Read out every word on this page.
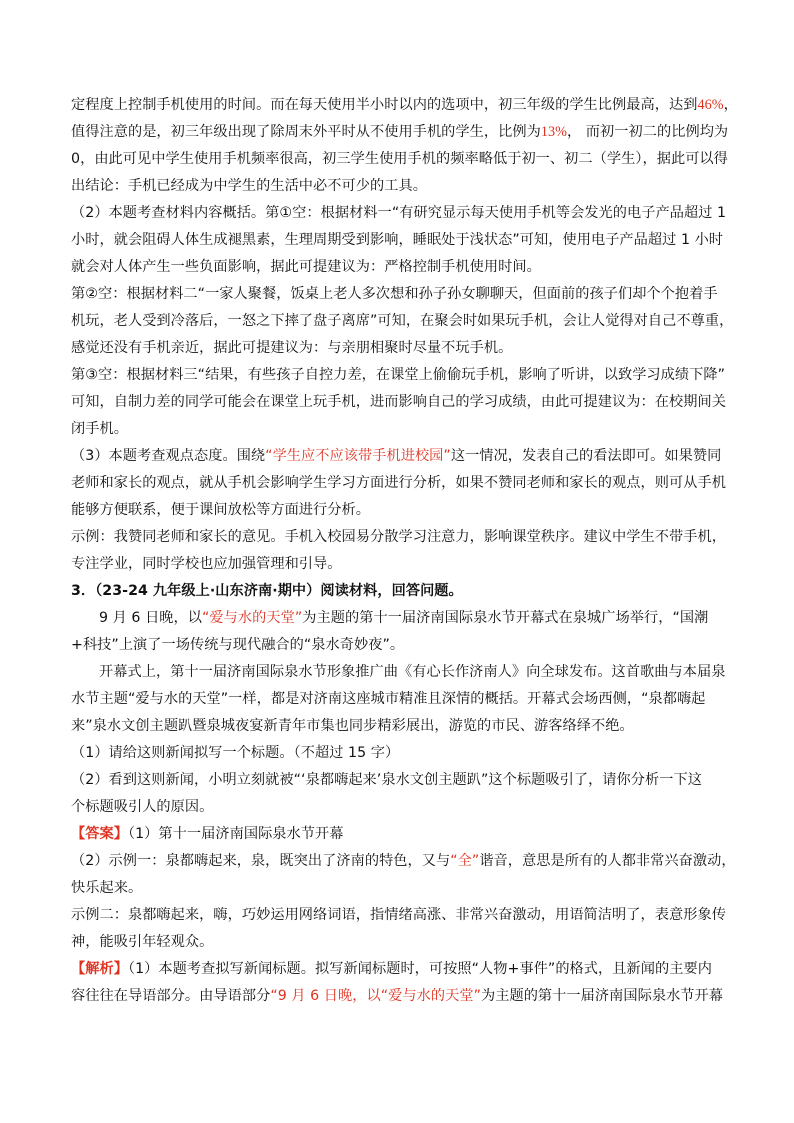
定程度上控制手机使用的时间。而在每天使用半小时以内的选项中，初三年级的学生比例最高，达到46%，
值得注意的是，初三年级出现了除周末外平时从不使用手机的学生，比例为13%， 而初一初二的比例均为
0，由此可见中学生使用手机频率很高，初三学生使用手机的频率略低于初一、初二（学生），据此可以得
出结论：手机已经成为中学生的生活中必不可少的工具。
（2）本题考查材料内容概括。第①空：根据材料一“有研究显示每天使用手机等会发光的电子产品超过 1
小时，就会阻碍人体生成褪黑素，生理周期受到影响，睡眠处于浅状态”可知，使用电子产品超过 1 小时
就会对人体产生一些负面影响，据此可提建议为：严格控制手机使用时间。
第②空：根据材料二“一家人聚餐，饭桌上老人多次想和孙子孙女聊聊天，但面前的孩子们却个个抱着手
机玩，老人受到冷落后，一怒之下摔了盘子离席”可知，在聚会时如果玩手机，会让人觉得对自己不尊重，
感觉还没有手机亲近，据此可提建议为：与亲朋相聚时尽量不玩手机。
第③空：根据材料三“结果，有些孩子自控力差，在课堂上偷偷玩手机，影响了听讲，以致学习成绩下降”
可知，自制力差的同学可能会在课堂上玩手机，进而影响自己的学习成绩，由此可提建议为：在校期间关
闭手机。
（3）本题考查观点态度。围绕“学生应不应该带手机进校园”这一情况，发表自己的看法即可。如果赞同
老师和家长的观点，就从手机会影响学生学习方面进行分析，如果不赞同老师和家长的观点，则可从手机
能够方便联系，便于课间放松等方面进行分析。
示例：我赞同老师和家长的意见。手机入校园易分散学习注意力，影响课堂秩序。建议中学生不带手机，
专注学业，同时学校也应加强管理和引导。
3．（23-24 九年级上·山东济南·期中）阅读材料，回答问题。
9 月 6 日晚，以“爱与水的天堂”为主题的第十一届济南国际泉水节开幕式在泉城广场举行，“国潮
+科技”上演了一场传统与现代融合的“泉水奇妙夜”。
开幕式上，第十一届济南国际泉水节形象推广曲《有心长作济南人》向全球发布。这首歌曲与本届泉
水节主题“爱与水的天堂”一样，都是对济南这座城市精准且深情的概括。开幕式会场西侧，“泉都嗨起
来”泉水文创主题趴暨泉城夜宴新青年市集也同步精彩展出，游览的市民、游客络绎不绝。
（1）请给这则新闻拟写一个标题。（不超过 15 字）
（2）看到这则新闻，小明立刻就被“‘泉都嗨起来’泉水文创主题趴”这个标题吸引了，请你分析一下这
个标题吸引人的原因。
【答案】（1）第十一届济南国际泉水节开幕
（2）示例一：泉都嗨起来，泉，既突出了济南的特色，又与“全”谐音，意思是所有的人都非常兴奋激动，
快乐起来。
示例二：泉都嗨起来，嗨，巧妙运用网络词语，指情绪高涨、非常兴奋激动，用语简洁明了，表意形象传
神，能吸引年轻观众。
【解析】（1）本题考查拟写新闻标题。拟写新闻标题时，可按照“人物+事件”的格式，且新闻的主要内
容往往在导语部分。由导语部分“9 月 6 日晚，以“爱与水的天堂”为主题的第十一届济南国际泉水节开幕
